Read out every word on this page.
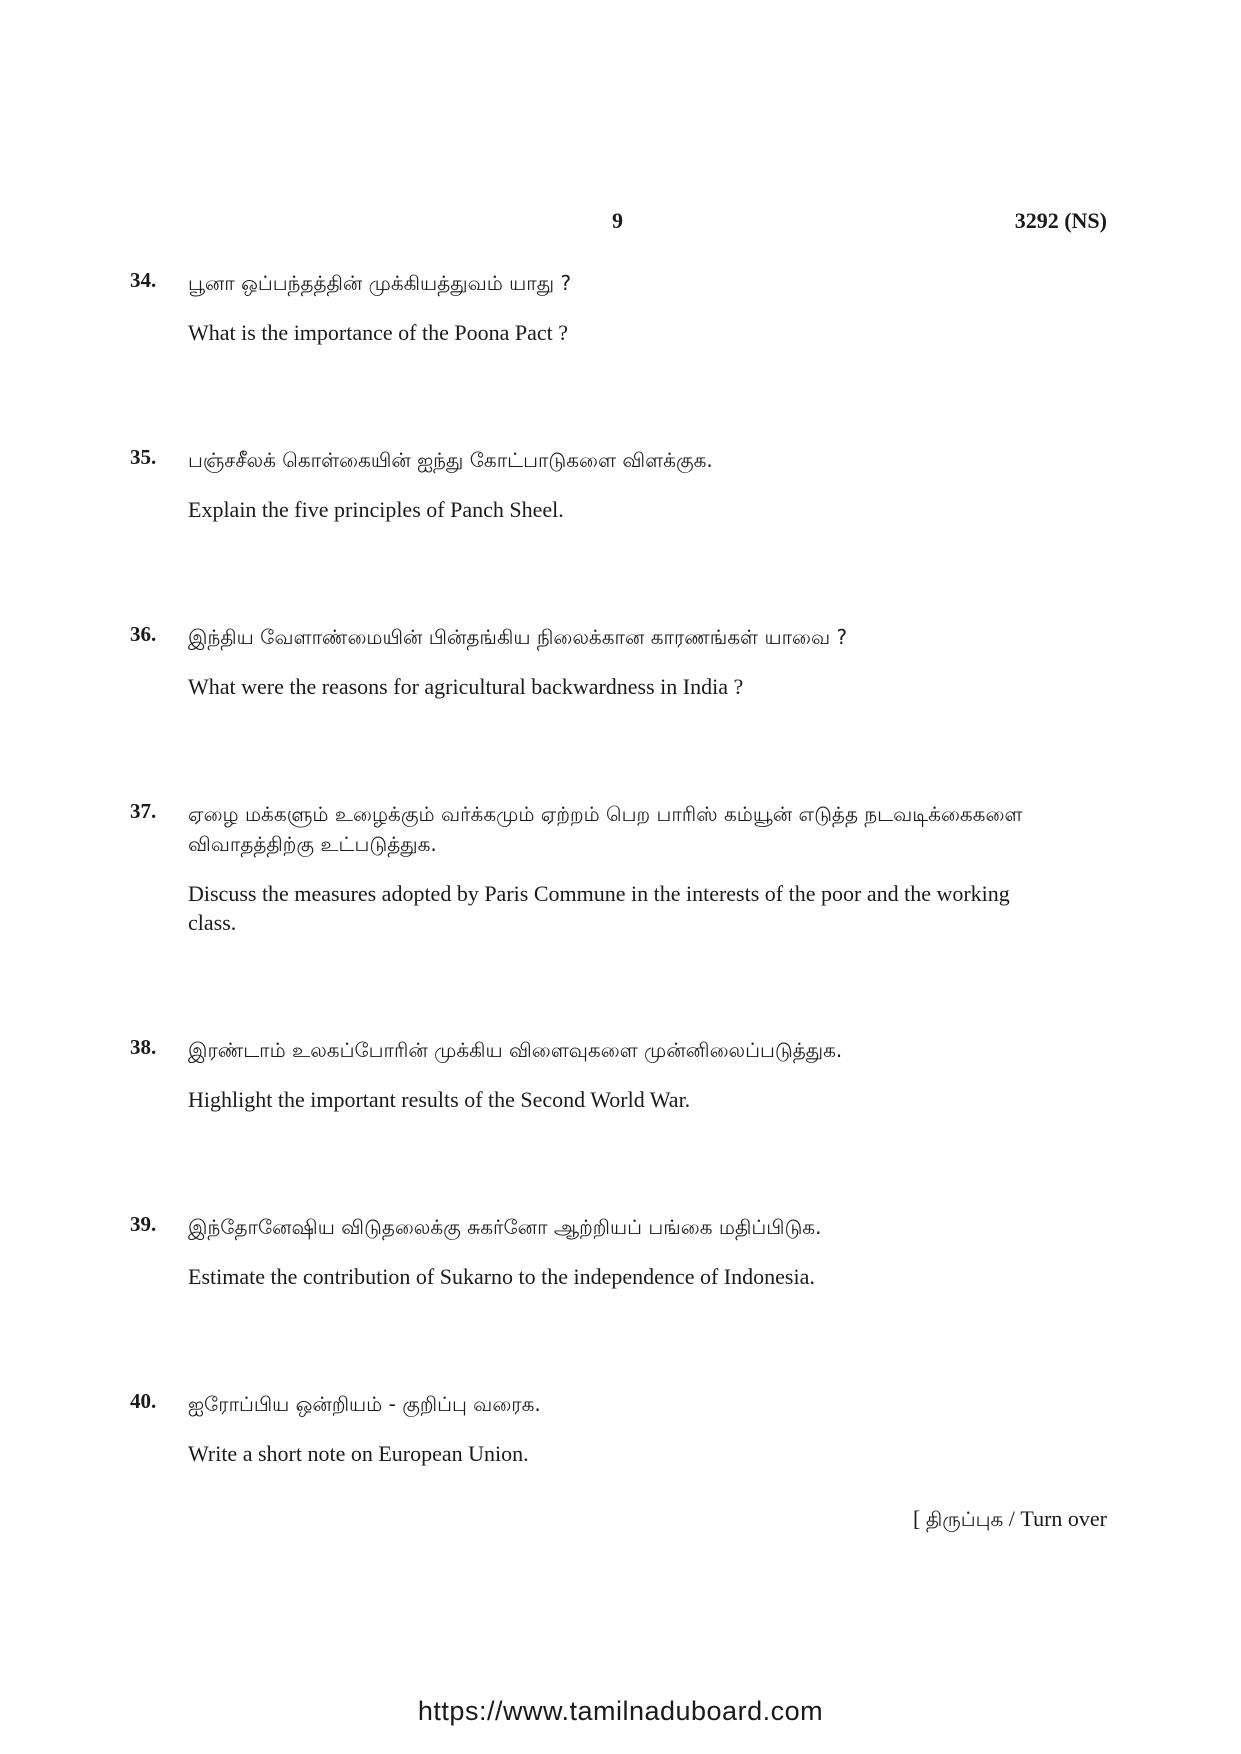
9	3292 (NS)
34. பூனா ஒப்பந்தத்தின் முக்கியத்துவம் யாது ?

What is the importance of the Poona Pact ?

35. பஞ்சசீலக் கொள்கையின் ஐந்து கோட்பாடுகளை விளக்குக.

Explain the five principles of Panch Sheel.

36. இந்திய வேளாண்மையின் பின்தங்கிய நிலைக்கான காரணங்கள் யாவை ?

What were the reasons for agricultural backwardness in India ?

37. ஏழை மக்களும் உழைக்கும் வர்க்கமும் ஏற்றம் பெற பாரிஸ் கம்யூன் எடுத்த நடவடிக்கைகளை விவாதத்திற்கு உட்படுத்துக.

Discuss the measures adopted by Paris Commune in the interests of the poor and the working class.

38. இரண்டாம் உலகப்போரின் முக்கிய விளைவுகளை முன்னிலைப்படுத்துக.

Highlight the important results of the Second World War.

39. இந்தோனேஷிய விடுதலைக்கு சுகர்னோ ஆற்றியப் பங்கை மதிப்பிடுக.

Estimate the contribution of Sukarno to the independence of Indonesia.

40. ஐரோப்பிய ஒன்றியம் - குறிப்பு வரைக.

Write a short note on European Union.

[ திருப்புக / Turn over
https://www.tamilnaduboard.com
